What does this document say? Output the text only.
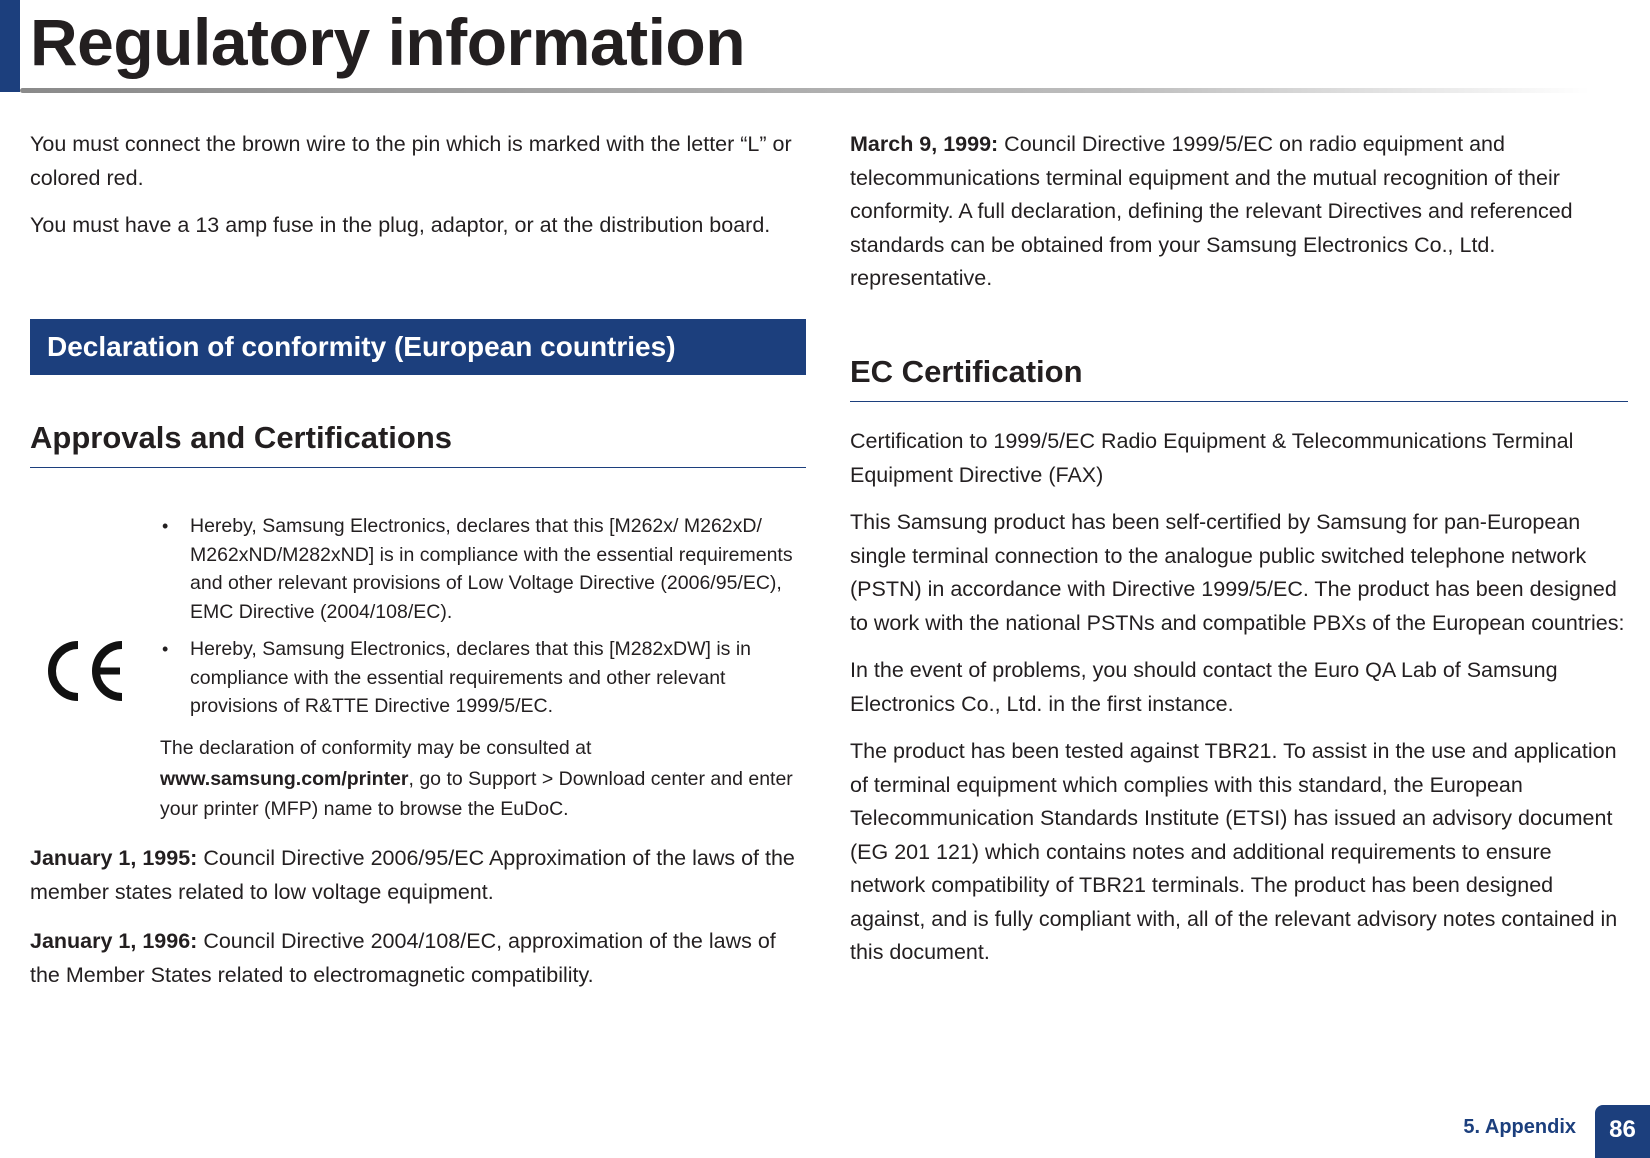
Regulatory information

You must connect the brown wire to the pin which is marked with the letter “L” or colored red.

You must have a 13 amp fuse in the plug, adaptor, or at the distribution board.

Declaration of conformity (European countries)
Approvals and Certifications

• Hereby, Samsung Electronics, declares that this [M262x/ M262xD/ M262xND/M282xND] is in compliance with the essential requirements and other relevant provisions of Low Voltage Directive (2006/95/EC), EMC Directive (2004/108/EC).

• Hereby, Samsung Electronics, declares that this [M282xDW] is in compliance with the essential requirements and other relevant provisions of R&TTE Directive 1999/5/EC.

The declaration of conformity may be consulted at
www.samsung.com/printer, go to Support > Download center and enter your printer (MFP) name to browse the EuDoC.

January 1, 1995: Council Directive 2006/95/EC Approximation of the laws of the member states related to low voltage equipment.

January 1, 1996: Council Directive 2004/108/EC, approximation of the laws of the Member States related to electromagnetic compatibility.

March 9, 1999: Council Directive 1999/5/EC on radio equipment and telecommunications terminal equipment and the mutual recognition of their conformity. A full declaration, defining the relevant Directives and referenced standards can be obtained from your Samsung Electronics Co., Ltd. representative.

EC Certification

Certification to 1999/5/EC Radio Equipment & Telecommunications Terminal Equipment Directive (FAX)

This Samsung product has been self-certified by Samsung for pan-European single terminal connection to the analogue public switched telephone network (PSTN) in accordance with Directive 1999/5/EC. The product has been designed to work with the national PSTNs and compatible PBXs of the European countries:

In the event of problems, you should contact the Euro QA Lab of Samsung Electronics Co., Ltd. in the first instance.

The product has been tested against TBR21. To assist in the use and application of terminal equipment which complies with this standard, the European Telecommunication Standards Institute (ETSI) has issued an advisory document (EG 201 121) which contains notes and additional requirements to ensure network compatibility of TBR21 terminals. The product has been designed against, and is fully compliant with, all of the relevant advisory notes contained in this document.

5. Appendix	86
